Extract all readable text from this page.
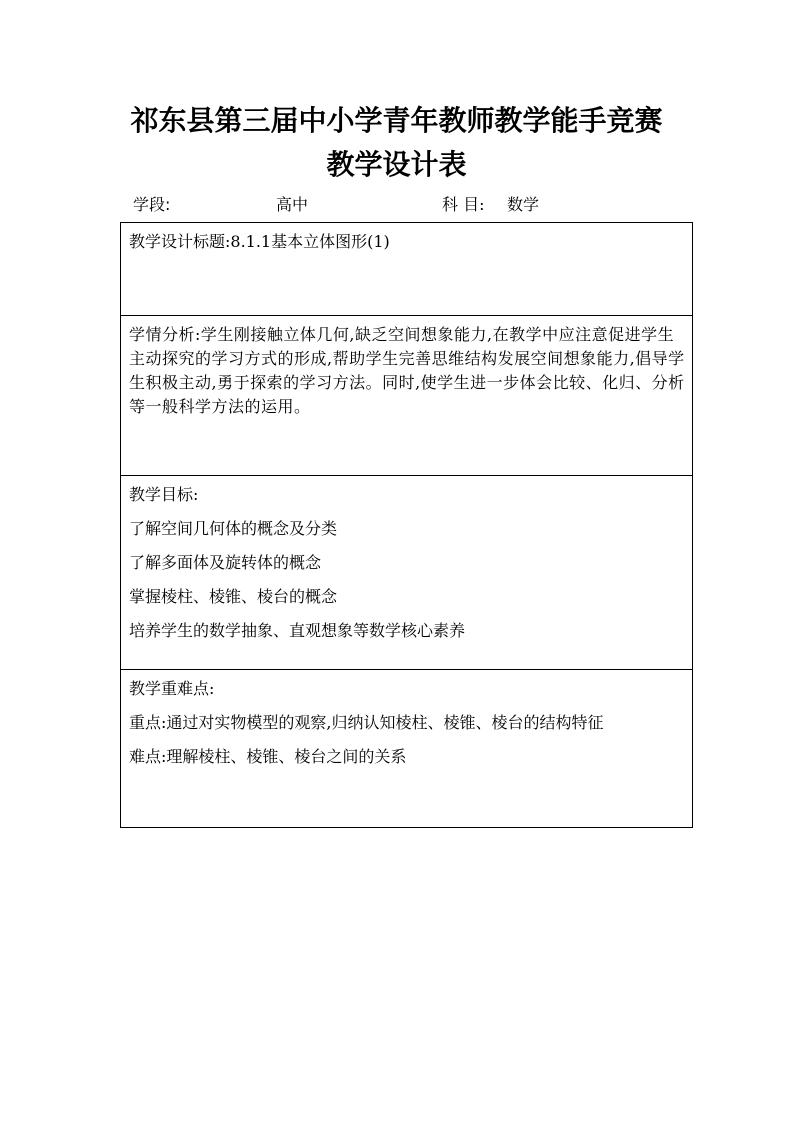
祁东县第三届中小学青年教师教学能手竞赛
教学设计表
学段:	高中	科 目: 数学

教学设计标题:8.1.1基本立体图形(1)

学情分析:学生刚接触立体几何,缺乏空间想象能力,在教学中应注意促进学生主动探究的学习方式的形成,帮助学生完善思维结构发展空间想象能力,倡导学生积极主动,勇于探索的学习方法。同时,使学生进一步体会比较、化归、分析等一般科学方法的运用。

教学目标:

了解空间几何体的概念及分类

了解多面体及旋转体的概念

掌握棱柱、棱锥、棱台的概念

培养学生的数学抽象、直观想象等数学核心素养

教学重难点:

重点:通过对实物模型的观察,归纳认知棱柱、棱锥、棱台的结构特征

难点:理解棱柱、棱锥、棱台之间的关系
